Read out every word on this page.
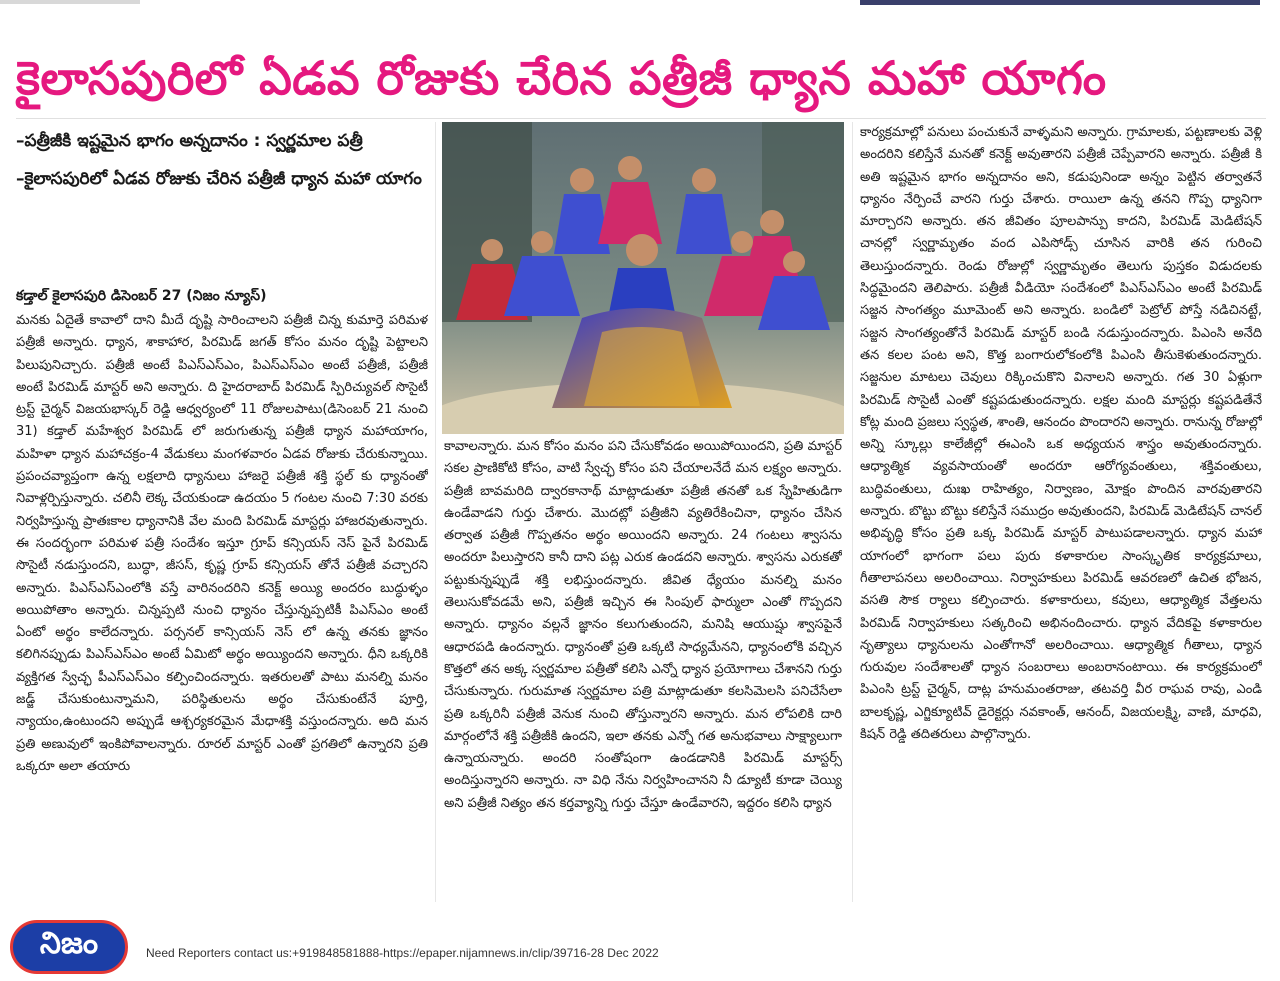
కైలాసపురిలో ఏడవ రోజుకు చేరిన పత్రీజీ ధ్యాన మహా యాగం
–పత్రీజీకి ఇష్టమైన భాగం అన్నదానం : స్వర్ణమాల పత్రీ
–కైలాసపురిలో ఏడవ రోజుకు చేరిన పత్రీజీ ధ్యాన మహా యాగం
కడ్తాల్ కైలాసపురి డిసెంబర్ 27 (నిజం న్యూస్)

మనకు ఏదైతే కావాలో దాని మీదే దృష్టి సారించాలని పత్రీజీ చిన్న కుమార్తె పరిమళ పత్రీజీ అన్నారు. ధ్యాన, శాకాహార, పిరమిడ్ జగత్ కోసం మనం దృష్టి పెట్టాలని పిలుపునిచ్చారు. పత్రీజీ అంటే పిఎస్‌ఎస్ఎం, పిఎస్ఎస్ఎం అంటే పత్రీజీ, పత్రీజీ అంటే పిరమిడ్ మాస్టర్ అని అన్నారు. ది హైదరాబాద్ పిరమిడ్ స్పిరిచ్యువల్ సొసైటీ ట్రస్ట్ చైర్మన్ విజయభాస్కర్ రెడ్డి ఆధ్వర్యంలో 11 రోజులపాటు(డిసెంబర్ 21 నుంచి 31) కడ్తాల్ మహేశ్వర పిరమిడ్ లో జరుగుతున్న పత్రీజీ ధ్యాన మహాయాగం, మహిళా ధ్యాన మహాచక్రం-4 వేడుకలు మంగళవారం ఏడవ రోజుకు చేరుకున్నాయి. ప్రపంచవ్యాప్తంగా ఉన్న లక్షలాది ధ్యానులు హాజరై పత్రీజీ శక్తి స్థల్ కు ధ్యానంతో నివాళ్లర్పిస్తున్నారు. చలినీ లెక్క చేయకుండా ఉదయం 5 గంటల నుంచి 7:30 వరకు నిర్వహిస్తున్న ప్రాతఃకాల ధ్యానానికి వేల మంది పిరమిడ్ మాస్టర్లు హాజరవుతున్నారు. ఈ సందర్భంగా పరిమళ పత్రీ సందేశం ఇస్తూ గ్రూప్ కన్సియస్ నెస్ పైనే పిరమిడ్ సొసైటీ నడుస్తుందని, బుద్ధా, జీసస్, కృష్ణ గ్రూప్ కన్సియస్ తోనే పత్రీజీ వచ్చారని అన్నారు. పిఎస్ఎస్ఎంలోకి వస్తే వారినందరిని కనెక్ట్ అయ్యి అందరం బుద్ధుళ్ళం అయిపోతాం అన్నారు. చిన్నప్పటి నుంచి ధ్యానం చేస్తున్నప్పటికీ పిఎస్ఎం అంటే ఏంటో అర్థం కాలేదన్నారు. పర్సనల్ కాన్సియస్ నెస్ లో ఉన్న తనకు జ్ఞానం కలిగినప్పుడు పిఎస్ఎస్ఎం అంటే ఏమిటో అర్థం అయ్యిందని అన్నారు. ధీని ఒక్కరికి వ్యక్తిగత స్వేచ్ఛ పీఎస్ఎస్ఎం కల్పించిందన్నారు. ఇతరులతో పాటు మనల్ని మనం జడ్జ్ చేసుకుంటున్నామని, పరిస్థితులను అర్థం చేసుకుంటేనే పూర్తి, న్యాయం,ఉంటుందని అప్పుడే ఆశ్చర్యకరమైన మేధాశక్తి వస్తుందన్నారు. అది మన ప్రతి అణువులో ఇంకిపోవాలన్నారు. రూరల్ మాస్టర్ ఎంతో ప్రగతిలో ఉన్నారని ప్రతి ఒక్కరూ అలా తయారు

కావాలన్నారు. మన కోసం మనం పని చేసుకోవడం అయిపోయిందని, ప్రతి మాస్టర్ సకల ప్రాణికోటి కోసం, వాటి స్వేచ్ఛ కోసం పని చేయాలనేదే మన లక్ష్యం అన్నారు. పత్రీజీ బావమరిది ద్వారకానాథ్ మాట్లాడుతూ పత్రీజీ తనతో ఒక స్నేహితుడిగా ఉండేవాడని గుర్తు చేశారు. మొదట్లో పత్రీజీని వ్యతిరేకించినా, ధ్యానం చేసిన తర్వాత పత్రీజీ గొప్పతనం అర్థం అయిందని అన్నారు. 24 గంటలు శ్వాసను అందరూ పిలుస్తారని కానీ దాని పట్ల ఎరుక ఉండదని అన్నారు. శ్వాసను ఎరుకతో పట్టుకున్నప్పుడే శక్తి లభిస్తుందన్నారు. జీవిత ధ్యేయం మనల్ని మనం తెలుసుకోవడమే అని, పత్రీజీ ఇచ్చిన ఈ సింపుల్ ఫార్ములా ఎంతో గొప్పదని అన్నారు. ధ్యానం వల్లనే జ్ఞానం కలుగుతుందని, మనిషి ఆయుష్షు శ్వాసపైనే ఆధారపడి ఉందన్నారు. ధ్యానంతో ప్రతి ఒక్కటి సాధ్యమేనని, ధ్యానంలోకి వచ్చిన కొత్తలో తన అక్క స్వర్ణమాల పత్రీతో కలిసి ఎన్నో ధ్యాన ప్రయోగాలు చేశానని గుర్తు చేసుకున్నారు. గురుమాత స్వర్ణమాల పత్రి మాట్లాడుతూ కలసిమెలసి పనిచేసేలా ప్రతి ఒక్కరినీ పత్రీజీ వెనుక నుంచి తోస్తున్నారని అన్నారు. మన లోపలికి దారి మార్గంలోనే శక్తి పత్రీజీకి ఉందని, ఇలా తనకు ఎన్నో గత అనుభవాలు సాక్ష్యాలుగా ఉన్నాయన్నారు. అందరి సంతోషంగా ఉండడానికి పిరమిడ్ మాస్టర్స్ అందిస్తున్నారని అన్నారు. నా విధి నేను నిర్వహించానని నీ డ్యూటీ కూడా చెయ్యి అని పత్రీజీ నిత్యం తన కర్తవ్యాన్ని గుర్తు చేస్తూ ఉండేవారని, ఇద్దరం కలిసి ధ్యాన

కార్యక్రమాల్లో పనులు పంచుకునే వాళ్ళమని అన్నారు. గ్రామాలకు, పట్టణాలకు వెళ్లి అందరిని కలిస్తేనే మనతో కనెక్ట్ అవుతారని పత్రీజీ చెప్పేవారని అన్నారు. పత్రీజీ కి అతి ఇష్టమైన భాగం అన్నదానం అని, కడుపునిండా అన్నం పెట్టిన తర్వాతనే ధ్యానం నేర్పించే వారని గుర్తు చేశారు. రాయిలా ఉన్న తనని గొప్ప ధ్యానిగా మార్చారని అన్నారు. తన జీవితం పూలపాన్పు కాదని, పిరమిడ్ మెడిటేషన్ చానల్లో స్వర్ణామృతం వంద ఎపిసోడ్స్ చూసిన వారికి తన గురించి తెలుస్తుందన్నారు. రెండు రోజుల్లో స్వర్ణామృతం తెలుగు పుస్తకం విడుదలకు సిద్ధమైందని తెలిపారు. పత్రీజీ వీడియో సందేశంలో పిఎస్ఎస్ఎం అంటే పిరమిడ్ సజ్జన సాంగత్యం మూమెంట్ అని అన్నారు. బండిలో పెట్రోల్ పోస్తే నడిచినట్టే, సజ్జన సాంగత్యంతోనే పిరమిడ్ మాస్టర్ బండి నడుస్తుందన్నారు. పిఎంసి అనేది తన కలల పంట అని, కొత్త బంగారులోకంలోకి పిఎంసి తీసుకెళుతుందన్నారు. సజ్జనుల మాటలు చెవులు రిక్కించుకొని వినాలని అన్నారు. గత 30 ఏళ్లుగా పిరమిడ్ సొసైటీ ఎంతో కష్టపడుతుందన్నారు. లక్షల మంది మాస్టర్లు కష్టపడితేనే కోట్ల మంది ప్రజలు స్వస్థత, శాంతి, ఆనందం పొందారని అన్నారు. రానున్న రోజుల్లో అన్ని స్కూల్లు కాలేజీల్లో ఈఎంసి ఒక అధ్యయన శాస్త్రం అవుతుందన్నారు. ఆధ్యాత్మిక వ్యవసాయంతో అందరూ ఆరోగ్యవంతులు, శక్తివంతులు, బుద్ధివంతులు, దుఃఖ రాహిత్యం, నిర్వాణం, మోక్షం పొందిన వారవుతారని అన్నారు. బొట్టు బొట్టు కలిస్తేనే సముద్రం అవుతుందని, పిరమిడ్ మెడిటేషన్ చానల్ అభివృద్ధి కోసం ప్రతి ఒక్క పిరమిడ్ మాస్టర్ పాటుపడాలన్నారు. ధ్యాన మహా యాగంలో భాగంగా పలు పురు కళాకారుల సాంస్కృతిక కార్యక్రమాలు, గీతాలాపనలు అలరించాయి. నిర్వాహకులు పిరమిడ్ ఆవరణలో ఉచిత భోజన, వసతి సౌక ర్యాలు కల్పించారు. కళాకారులు, కవులు, ఆధ్యాత్మిక వేత్తలను పిరమిడ్ నిర్వాహకులు సత్కరించి అభినందించారు. ధ్యాన వేదికపై కళాకారుల నృత్యాలు ధ్యానులను ఎంతోగానో అలరించాయి. ఆధ్యాత్మిక గీతాలు, ధ్యాన గురువుల సందేశాలతో ధ్యాన సంబరాలు అంబరానంటాయి. ఈ కార్యక్రమంలో పిఎంసి ట్రస్ట్ చైర్మన్, దాట్ల హనుమంతరాజు, తటవర్తి వీర రాఘవ రావు, ఎండి బాలకృష్ణ, ఎగ్జిక్యూటివ్ డైరెక్టర్లు నవకాంత్, ఆనంద్, విజయలక్ష్మి, వాణి, మాధవి, కిషన్ రెడ్డి తదితరులు పాల్గొన్నారు.

నిజం	Need Reporters contact us:+919848581888-https://epaper.nijamnews.in/clip/39716-28 Dec 2022
